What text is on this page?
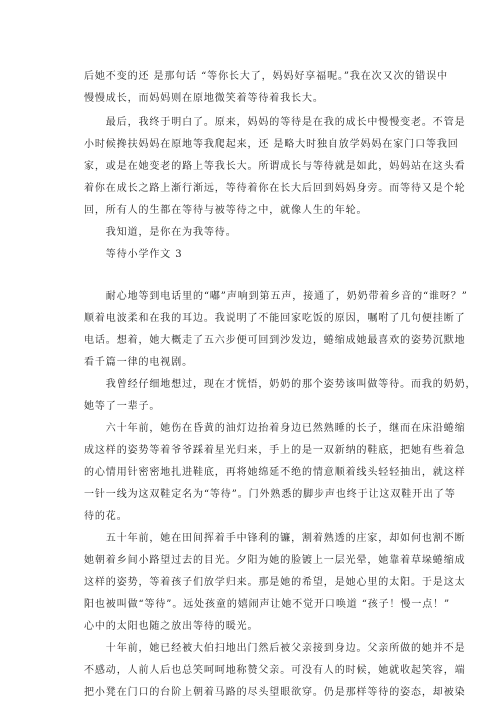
后她不变的还 是那句话 “等你长大了，妈妈好享福呢。”我在次又次的错误中
慢慢成长，而妈妈则在原地微笑着等待着我长大。
　　最后，我终于明白了。原来，妈妈的等待是在我的成长中慢慢变老。不管是
小时候搀扶妈妈在原地等我爬起来，还 是略大时独自放学妈妈在家门口等我回
家，或是在她变老的路上等我长大。所谓成长与等待就是如此，妈妈站在这头看
着你在成长之路上渐行渐远，等待着你在长大后回到妈妈身旁。而等待又是个轮
回，所有人的生都在等待与被等待之中，就像人生的年轮。
　　我知道，是你在为我等待。
　　等待小学作文 3
　　耐心地等到电话里的“嘟”声响到第五声，接通了，奶奶带着乡音的“谁呀？”
顺着电波柔和在我的耳边。我说明了不能回家吃饭的原因，嘱咐了几句便挂断了
电话。想着，她大概走了五六步便可回到沙发边，蜷缩成她最喜欢的姿势沉默地
看千篇一律的电视剧。
　　我曾经仔细地想过，现在才恍悟，奶奶的那个姿势该叫做等待。而我的奶奶，
她等了一辈子。
　　六十年前，她伤在昏黄的油灯边抬着身边已然熟睡的长子，继而在床沿蜷缩
成这样的姿势等着爷爷踩着星光归来，手上的是一双新纳的鞋底，把她有些着急
的心情用针密密地扎进鞋底，再将她绵延不绝的情意顺着线头轻轻抽出，就这样
一针一线为这双鞋定名为“等待”。门外熟悉的脚步声也终于让这双鞋开出了等
待的花。
　　五十年前，她在田间挥着手中锋利的镰，割着熟透的庄家，却如何也割不断
她朝着乡间小路望过去的目光。夕阳为她的脸镀上一层光晕，她靠着草垛蜷缩成
这样的姿势，等着孩子们放学归来。那是她的希望，是她心里的太阳。于是这太
阳也被叫做“等待”。远处孩童的嬉闹声让她不觉开口唤道 “孩子！慢一点！”
心中的太阳也随之放出等待的暖光。
　　十年前，她已经被大伯扫地出门然后被父亲接到身边。父亲所做的她并不是
不感动，人前人后也总笑呵呵地称赞父亲。可没有人的时候，她就收起笑容，端
把小凳在门口的台阶上朝着马路的尽头望眼欲穿。仍是那样等待的姿态，却被染
